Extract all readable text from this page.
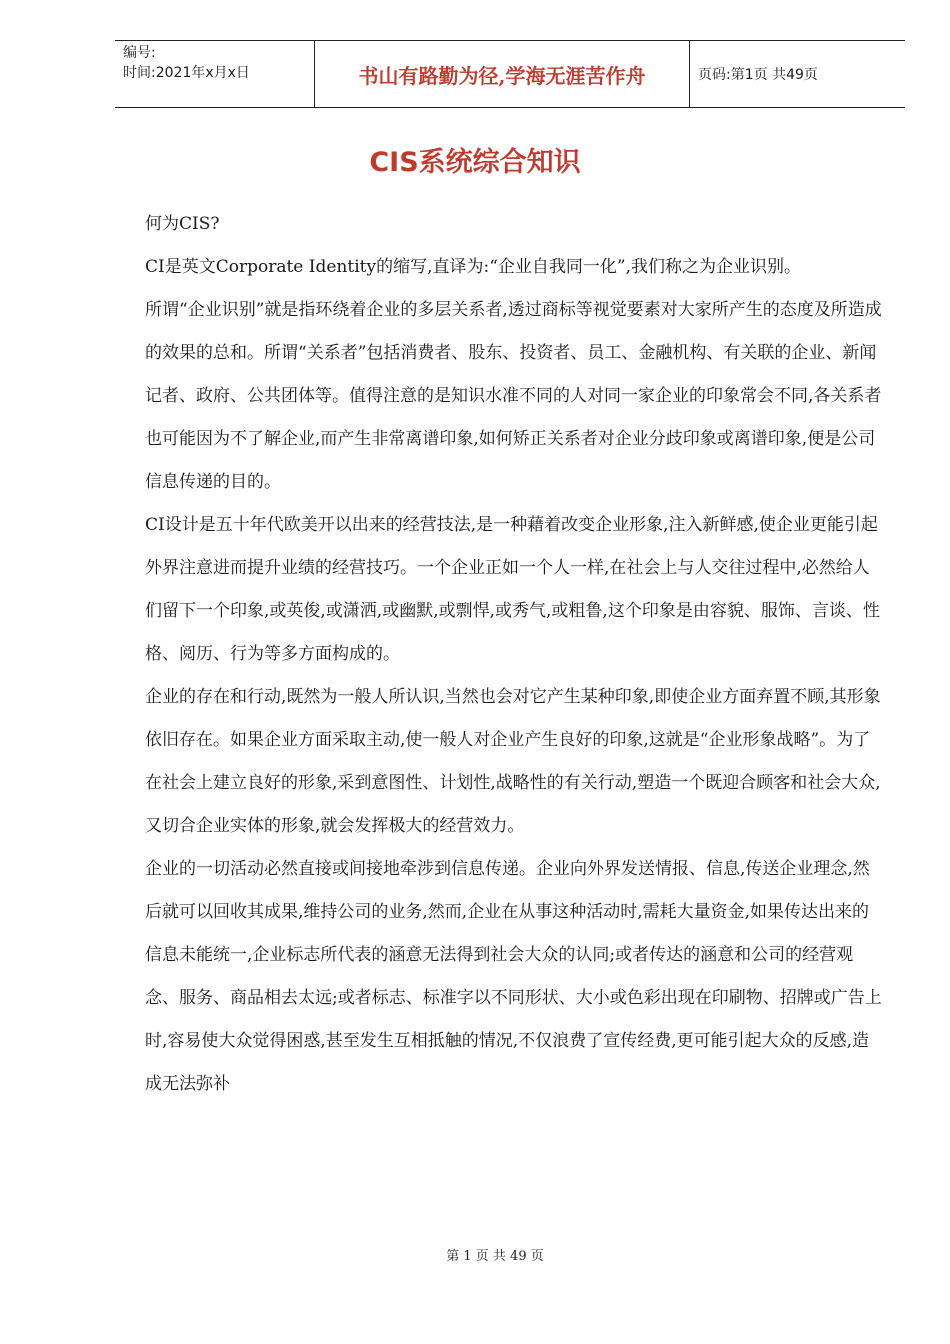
编号:
时间:2021年x月x日	书山有路勤为径,学海无涯苦作舟	页码:第1页 共49页
CIS系统综合知识

何为CIS?

CI是英文Corporate Identity的缩写,直译为:“企业自我同一化”,我们称之为企业识别。

所谓“企业识别”就是指环绕着企业的多层关系者,透过商标等视觉要素对大家所产生的态度及所造成的效果的总和。所谓“关系者”包括消费者、股东、投资者、员工、金融机构、有关联的企业、新闻记者、政府、公共团体等。值得注意的是知识水准不同的人对同一家企业的印象常会不同,各关系者也可能因为不了解企业,而产生非常离谱印象,如何矫正关系者对企业分歧印象或离谱印象,便是公司信息传递的目的。

CI设计是五十年代欧美开以出来的经营技法,是一种藉着改变企业形象,注入新鲜感,使企业更能引起外界注意进而提升业绩的经营技巧。一个企业正如一个人一样,在社会上与人交往过程中,必然给人们留下一个印象,或英俊,或潇洒,或幽默,或剽悍,或秀气,或粗鲁,这个印象是由容貌、服饰、言谈、性格、阅历、行为等多方面构成的。

企业的存在和行动,既然为一般人所认识,当然也会对它产生某种印象,即使企业方面弃置不顾,其形象依旧存在。如果企业方面采取主动,使一般人对企业产生良好的印象,这就是“企业形象战略”。为了在社会上建立良好的形象,采到意图性、计划性,战略性的有关行动,塑造一个既迎合顾客和社会大众,又切合企业实体的形象,就会发挥极大的经营效力。

企业的一切活动必然直接或间接地牵涉到信息传递。企业向外界发送情报、信息,传送企业理念,然后就可以回收其成果,维持公司的业务,然而,企业在从事这种活动时,需耗大量资金,如果传达出来的信息未能统一,企业标志所代表的涵意无法得到社会大众的认同;或者传达的涵意和公司的经营观念、服务、商品相去太远;或者标志、标准字以不同形状、大小或色彩出现在印刷物、招牌或广告上时,容易使大众觉得困惑,甚至发生互相抵触的情况,不仅浪费了宣传经费,更可能引起大众的反感,造成无法弥补

第 1 页 共 49 页
